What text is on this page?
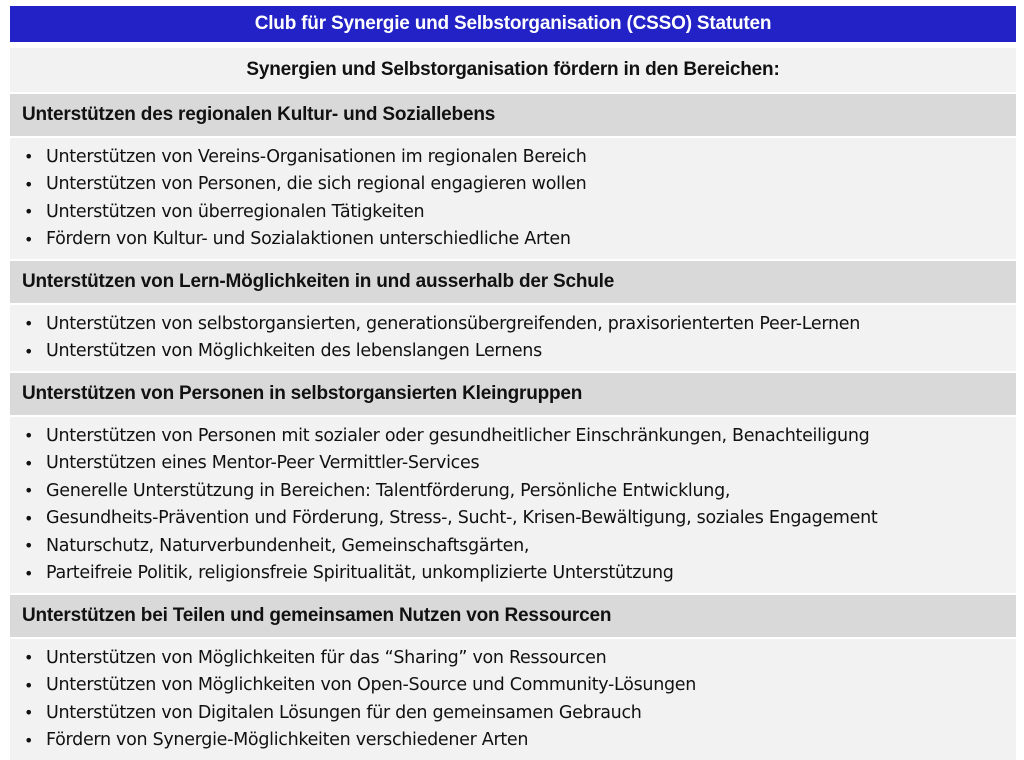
Club für Synergie und Selbstorganisation (CSSO) Statuten
Synergien und Selbstorganisation fördern in den Bereichen:
Unterstützen des regionalen Kultur- und Soziallebens
• Unterstützen von Vereins-Organisationen im regionalen Bereich
• Unterstützen von Personen, die sich regional engagieren wollen
• Unterstützen von überregionalen Tätigkeiten
• Fördern von Kultur- und Sozialaktionen unterschiedliche Arten
Unterstützen von Lern-Möglichkeiten in und ausserhalb der Schule
• Unterstützen von selbstorgansierten, generationsübergreifenden, praxisorienterten Peer-Lernen
• Unterstützen von Möglichkeiten des lebenslangen Lernens
Unterstützen von Personen in selbstorgansierten Kleingruppen
• Unterstützen von Personen mit sozialer oder gesundheitlicher Einschränkungen, Benachteiligung
• Unterstützen eines Mentor-Peer Vermittler-Services
• Generelle Unterstützung in Bereichen: Talentförderung, Persönliche Entwicklung,
• Gesundheits-Prävention und Förderung, Stress-, Sucht-, Krisen-Bewältigung, soziales Engagement
• Naturschutz, Naturverbundenheit, Gemeinschaftsgärten,
• Parteifreie Politik, religionsfreie Spiritualität, unkomplizierte Unterstützung
Unterstützen bei Teilen und gemeinsamen Nutzen von Ressourcen
• Unterstützen von Möglichkeiten für das “Sharing” von Ressourcen
• Unterstützen von Möglichkeiten von Open-Source und Community-Lösungen
• Unterstützen von Digitalen Lösungen für den gemeinsamen Gebrauch
• Fördern von Synergie-Möglichkeiten verschiedener Arten
